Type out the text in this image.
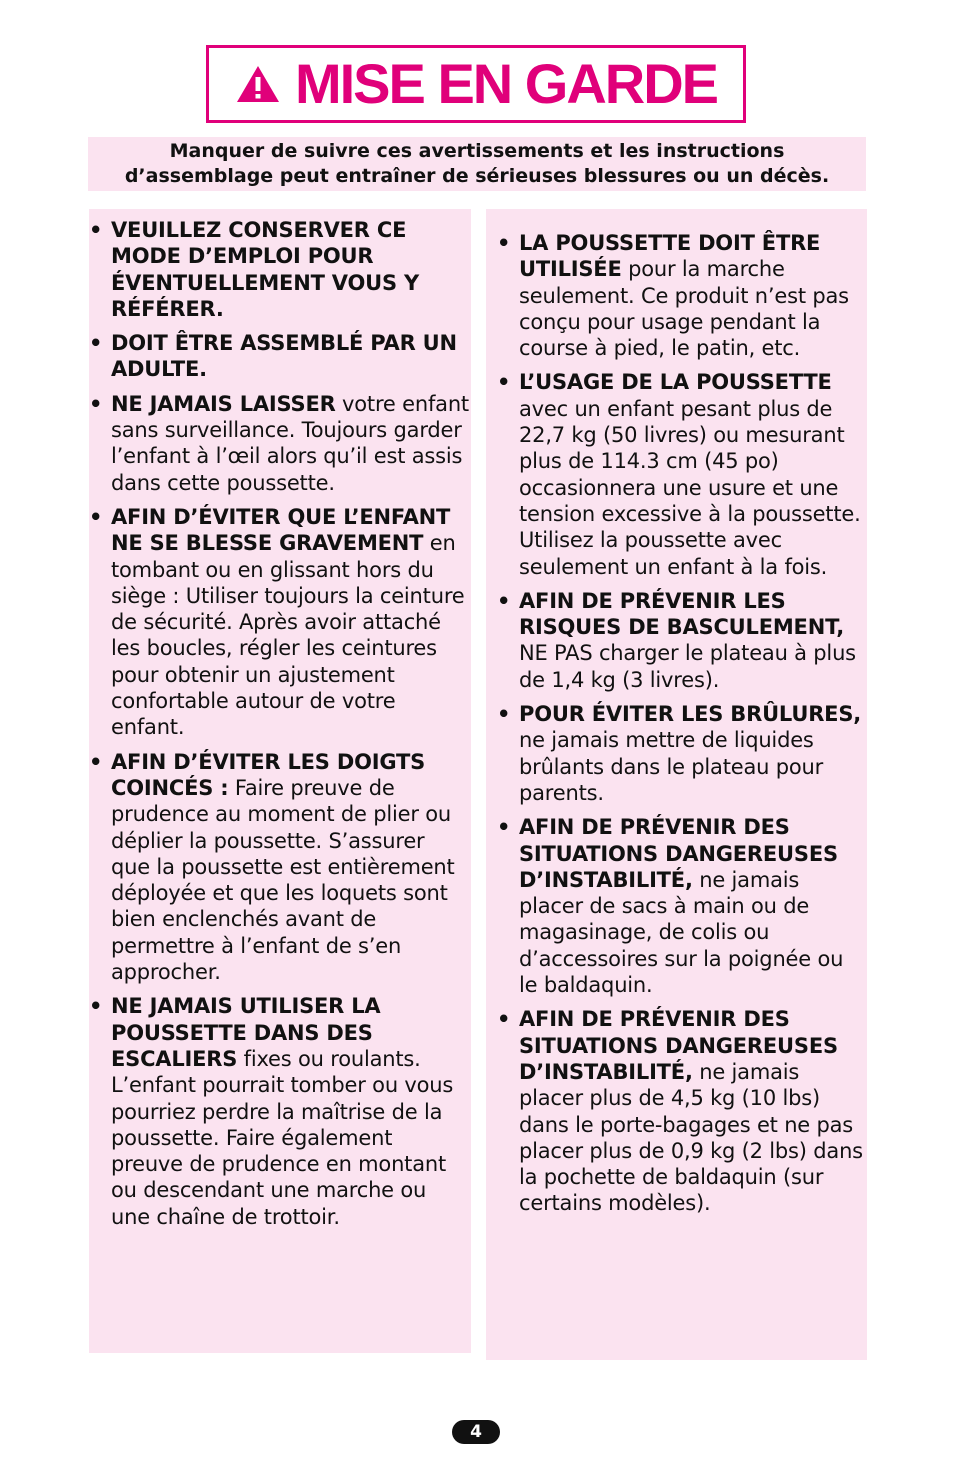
MISE EN GARDE
Manquer de suivre ces avertissements et les instructions
d’assemblage peut entraîner de sérieuses blessures ou un décès.
• VEUILLEZ CONSERVER CE MODE D’EMPLOI POUR ÉVENTUELLEMENT VOUS Y RÉFÉRER.
• DOIT ÊTRE ASSEMBLÉ PAR UN ADULTE.
• NE JAMAIS LAISSER votre enfant sans surveillance. Toujours garder l’enfant à l’œil alors qu’il est assis dans cette poussette.
• AFIN D’ÉVITER QUE L’ENFANT NE SE BLESSE GRAVEMENT en tombant ou en glissant hors du siège : Utiliser toujours la ceinture de sécurité. Après avoir attaché les boucles, régler les ceintures pour obtenir un ajustement confortable autour de votre enfant.
• AFIN D’ÉVITER LES DOIGTS COINCÉS : Faire preuve de prudence au moment de plier ou déplier la poussette. S’assurer que la poussette est entièrement déployée et que les loquets sont bien enclenchés avant de permettre à l’enfant de s’en approcher.
• NE JAMAIS UTILISER LA POUSSETTE DANS DES ESCALIERS fixes ou roulants. L’enfant pourrait tomber ou vous pourriez perdre la maîtrise de la poussette. Faire également preuve de prudence en montant ou descendant une marche ou une chaîne de trottoir.
• LA POUSSETTE DOIT ÊTRE UTILISÉE pour la marche seulement. Ce produit n’est pas conçu pour usage pendant la course à pied, le patin, etc.
• L’USAGE DE LA POUSSETTE avec un enfant pesant plus de 22,7 kg (50 livres) ou mesurant plus de 114.3 cm (45 po) occasionnera une usure et une tension excessive à la poussette. Utilisez la poussette avec seulement un enfant à la fois.
• AFIN DE PRÉVENIR LES RISQUES DE BASCULEMENT, NE PAS charger le plateau à plus de 1,4 kg (3 livres).
• POUR ÉVITER LES BRÛLURES, ne jamais mettre de liquides brûlants dans le plateau pour parents.
• AFIN DE PRÉVENIR DES SITUATIONS DANGEREUSES D’INSTABILITÉ, ne jamais placer de sacs à main ou de magasinage, de colis ou d’accessoires sur la poignée ou le baldaquin.
• AFIN DE PRÉVENIR DES SITUATIONS DANGEREUSES D’INSTABILITÉ, ne jamais placer plus de 4,5 kg (10 lbs) dans le porte-bagages et ne pas placer plus de 0,9 kg (2 lbs) dans la pochette de baldaquin (sur certains modèles).
4
